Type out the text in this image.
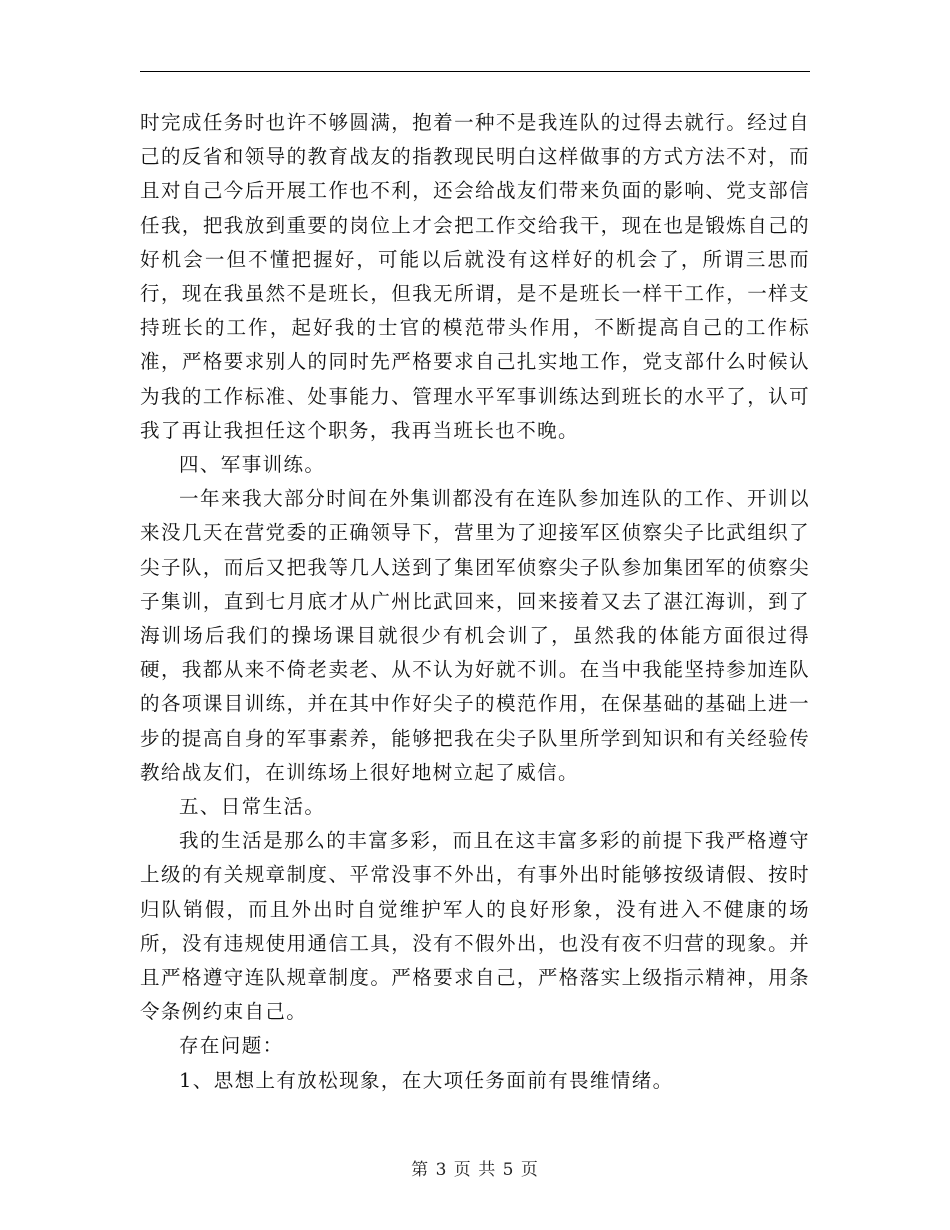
时完成任务时也许不够圆满，抱着一种不是我连队的过得去就行。经过自己的反省和领导的教育战友的指教现民明白这样做事的方式方法不对，而且对自己今后开展工作也不利，还会给战友们带来负面的影响、党支部信任我，把我放到重要的岗位上才会把工作交给我干，现在也是锻炼自己的好机会一但不懂把握好，可能以后就没有这样好的机会了，所谓三思而行，现在我虽然不是班长，但我无所谓，是不是班长一样干工作，一样支持班长的工作，起好我的士官的模范带头作用，不断提高自己的工作标准，严格要求别人的同时先严格要求自己扎实地工作，党支部什么时候认为我的工作标准、处事能力、管理水平军事训练达到班长的水平了，认可我了再让我担任这个职务，我再当班长也不晚。

四、军事训练。

一年来我大部分时间在外集训都没有在连队参加连队的工作、开训以来没几天在营党委的正确领导下，营里为了迎接军区侦察尖子比武组织了尖子队，而后又把我等几人送到了集团军侦察尖子队参加集团军的侦察尖子集训，直到七月底才从广州比武回来，回来接着又去了湛江海训，到了海训场后我们的操场课目就很少有机会训了，虽然我的体能方面很过得硬，我都从来不倚老卖老、从不认为好就不训。在当中我能坚持参加连队的各项课目训练，并在其中作好尖子的模范作用，在保基础的基础上进一步的提高自身的军事素养，能够把我在尖子队里所学到知识和有关经验传教给战友们，在训练场上很好地树立起了威信。

五、日常生活。

我的生活是那么的丰富多彩，而且在这丰富多彩的前提下我严格遵守上级的有关规章制度、平常没事不外出，有事外出时能够按级请假、按时归队销假，而且外出时自觉维护军人的良好形象，没有进入不健康的场所，没有违规使用通信工具，没有不假外出，也没有夜不归营的现象。并且严格遵守连队规章制度。严格要求自己，严格落实上级指示精神，用条令条例约束自己。

存在问题：

1、思想上有放松现象，在大项任务面前有畏维情绪。

第 3 页 共 5 页
